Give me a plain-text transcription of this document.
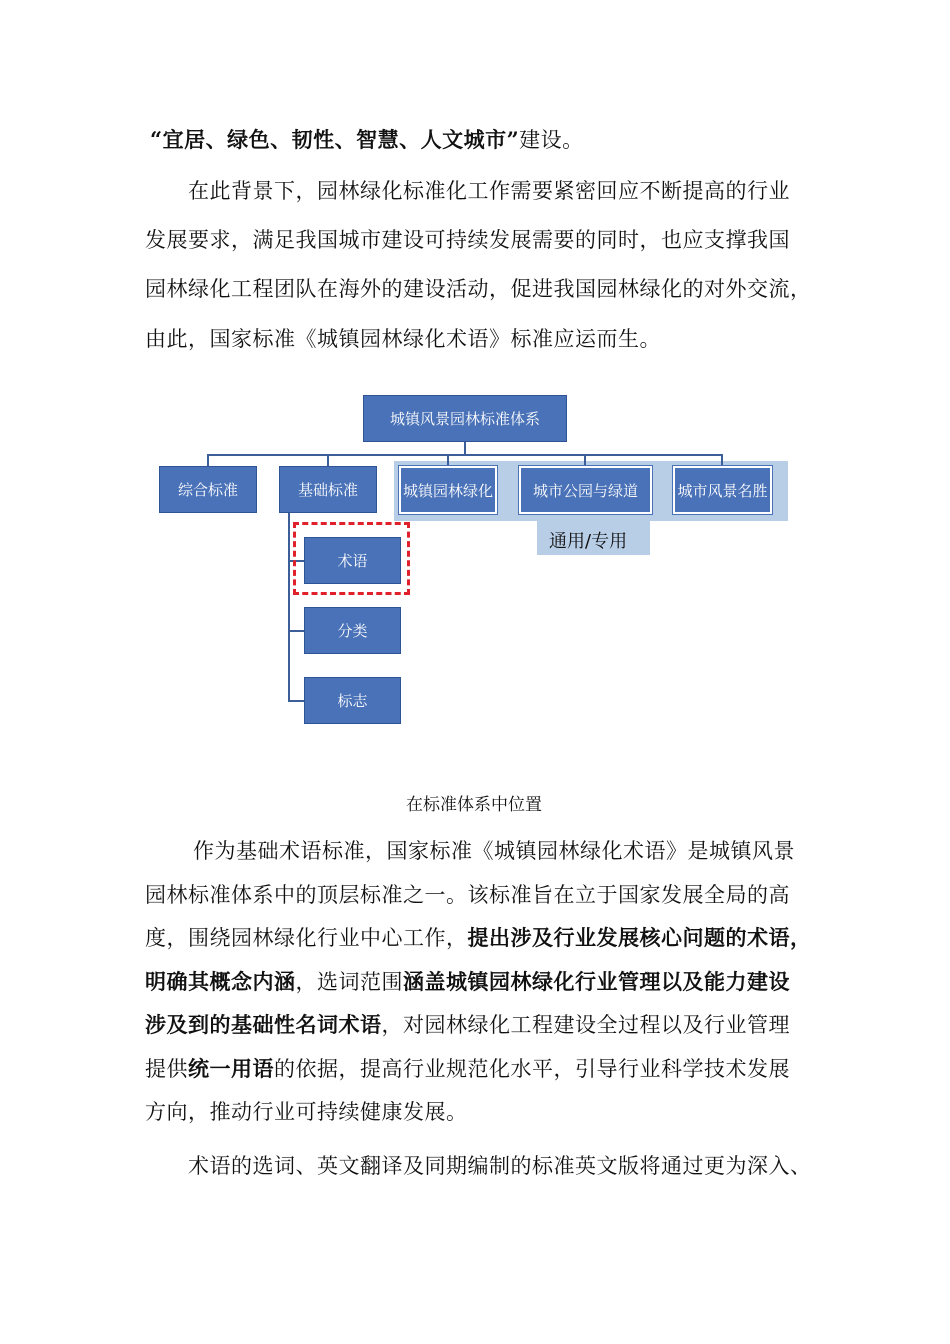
“宜居、绿色、韧性、智慧、人文城市”建设。
在此背景下，园林绿化标准化工作需要紧密回应不断提高的行业
发展要求，满足我国城市建设可持续发展需要的同时，也应支撑我国
园林绿化工程团队在海外的建设活动，促进我国园林绿化的对外交流，
由此，国家标准《城镇园林绿化术语》标准应运而生。
通用/专用
城镇风景园林标准体系
综合标准	基础标准	城镇园林绿化	城市公园与绿道	城市风景名胜
术语
分类
标志
在标准体系中位置
作为基础术语标准，国家标准《城镇园林绿化术语》是城镇风景
园林标准体系中的顶层标准之一。该标准旨在立于国家发展全局的高
度，围绕园林绿化行业中心工作，提出涉及行业发展核心问题的术语，
明确其概念内涵，选词范围涵盖城镇园林绿化行业管理以及能力建设
涉及到的基础性名词术语，对园林绿化工程建设全过程以及行业管理
提供统一用语的依据，提高行业规范化水平，引导行业科学技术发展
方向，推动行业可持续健康发展。
术语的选词、英文翻译及同期编制的标准英文版将通过更为深入、
